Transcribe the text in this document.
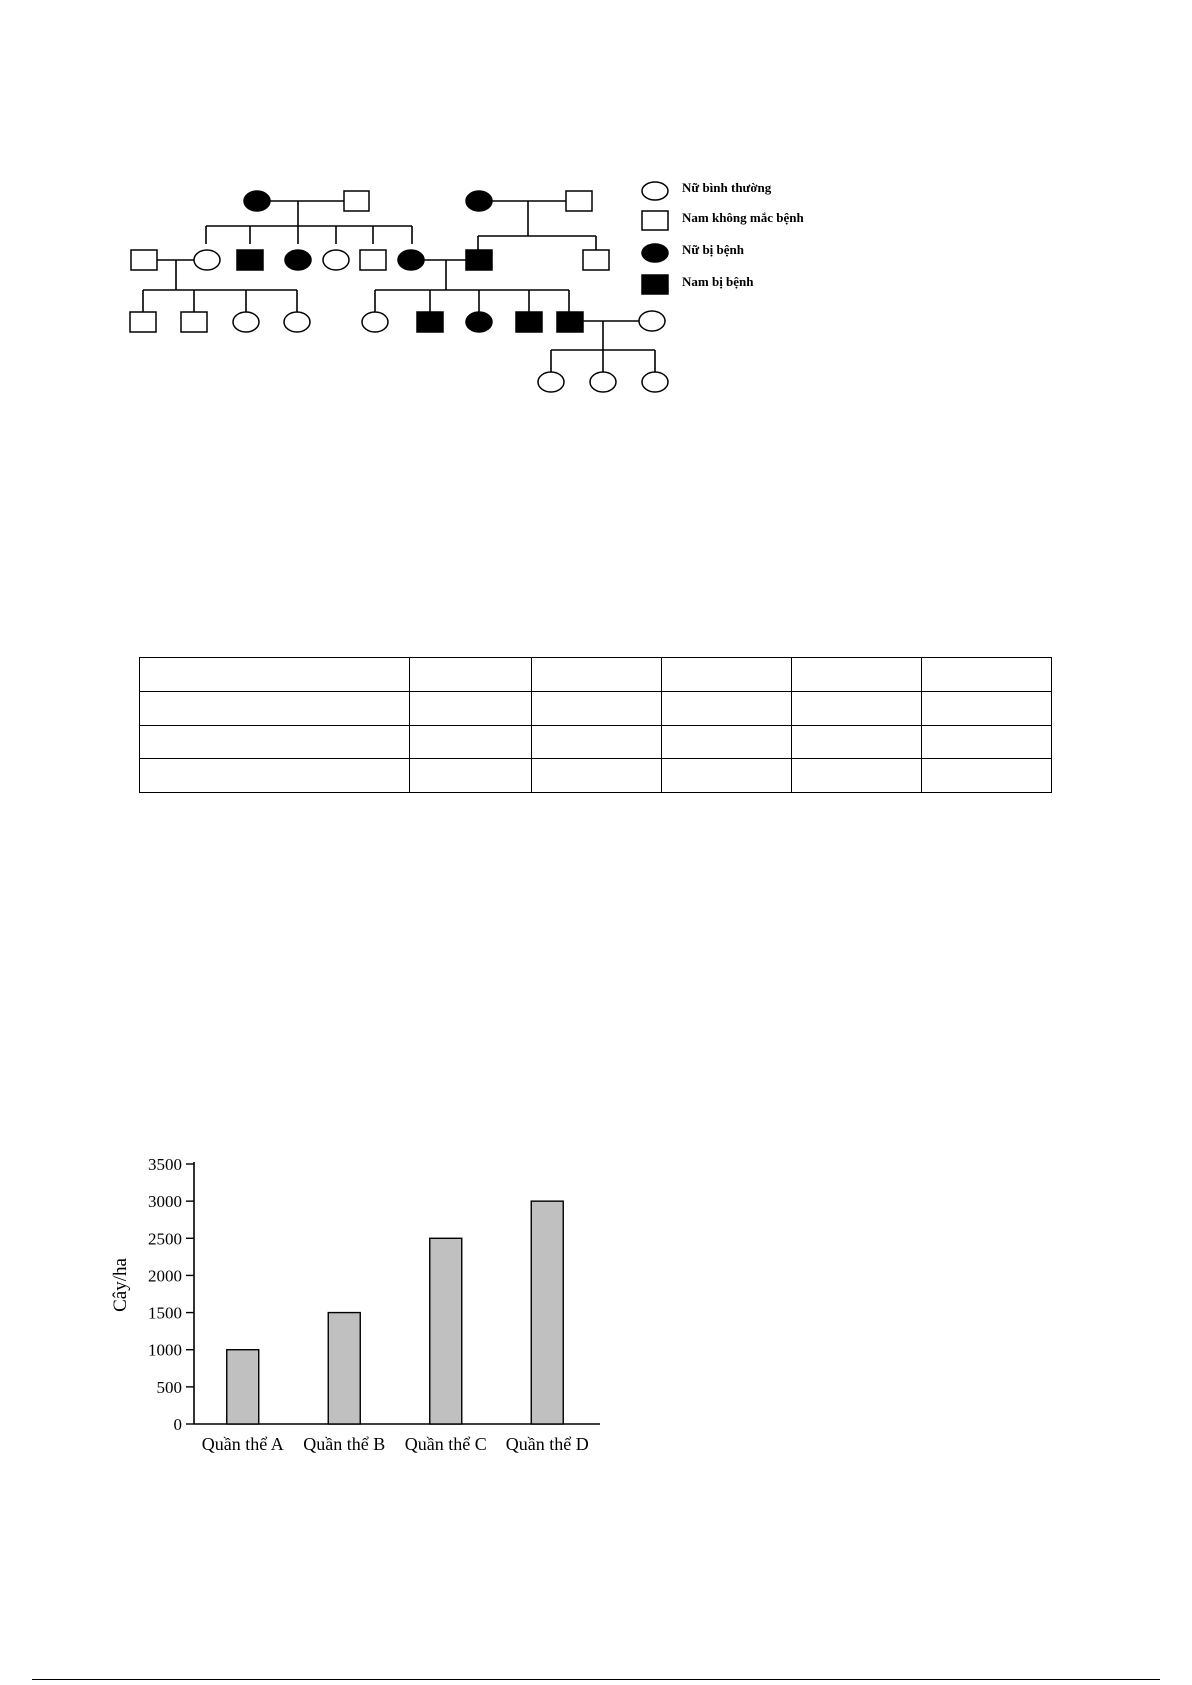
Nữ bình thường
Nam không mắc bệnh
Nữ bị bệnh
Nam bị bệnh

0
500
1000
1500
2000
2500
3000
3500
Quần thể A Quần thể B Quần thể C Quần thể D
Cây/ha
